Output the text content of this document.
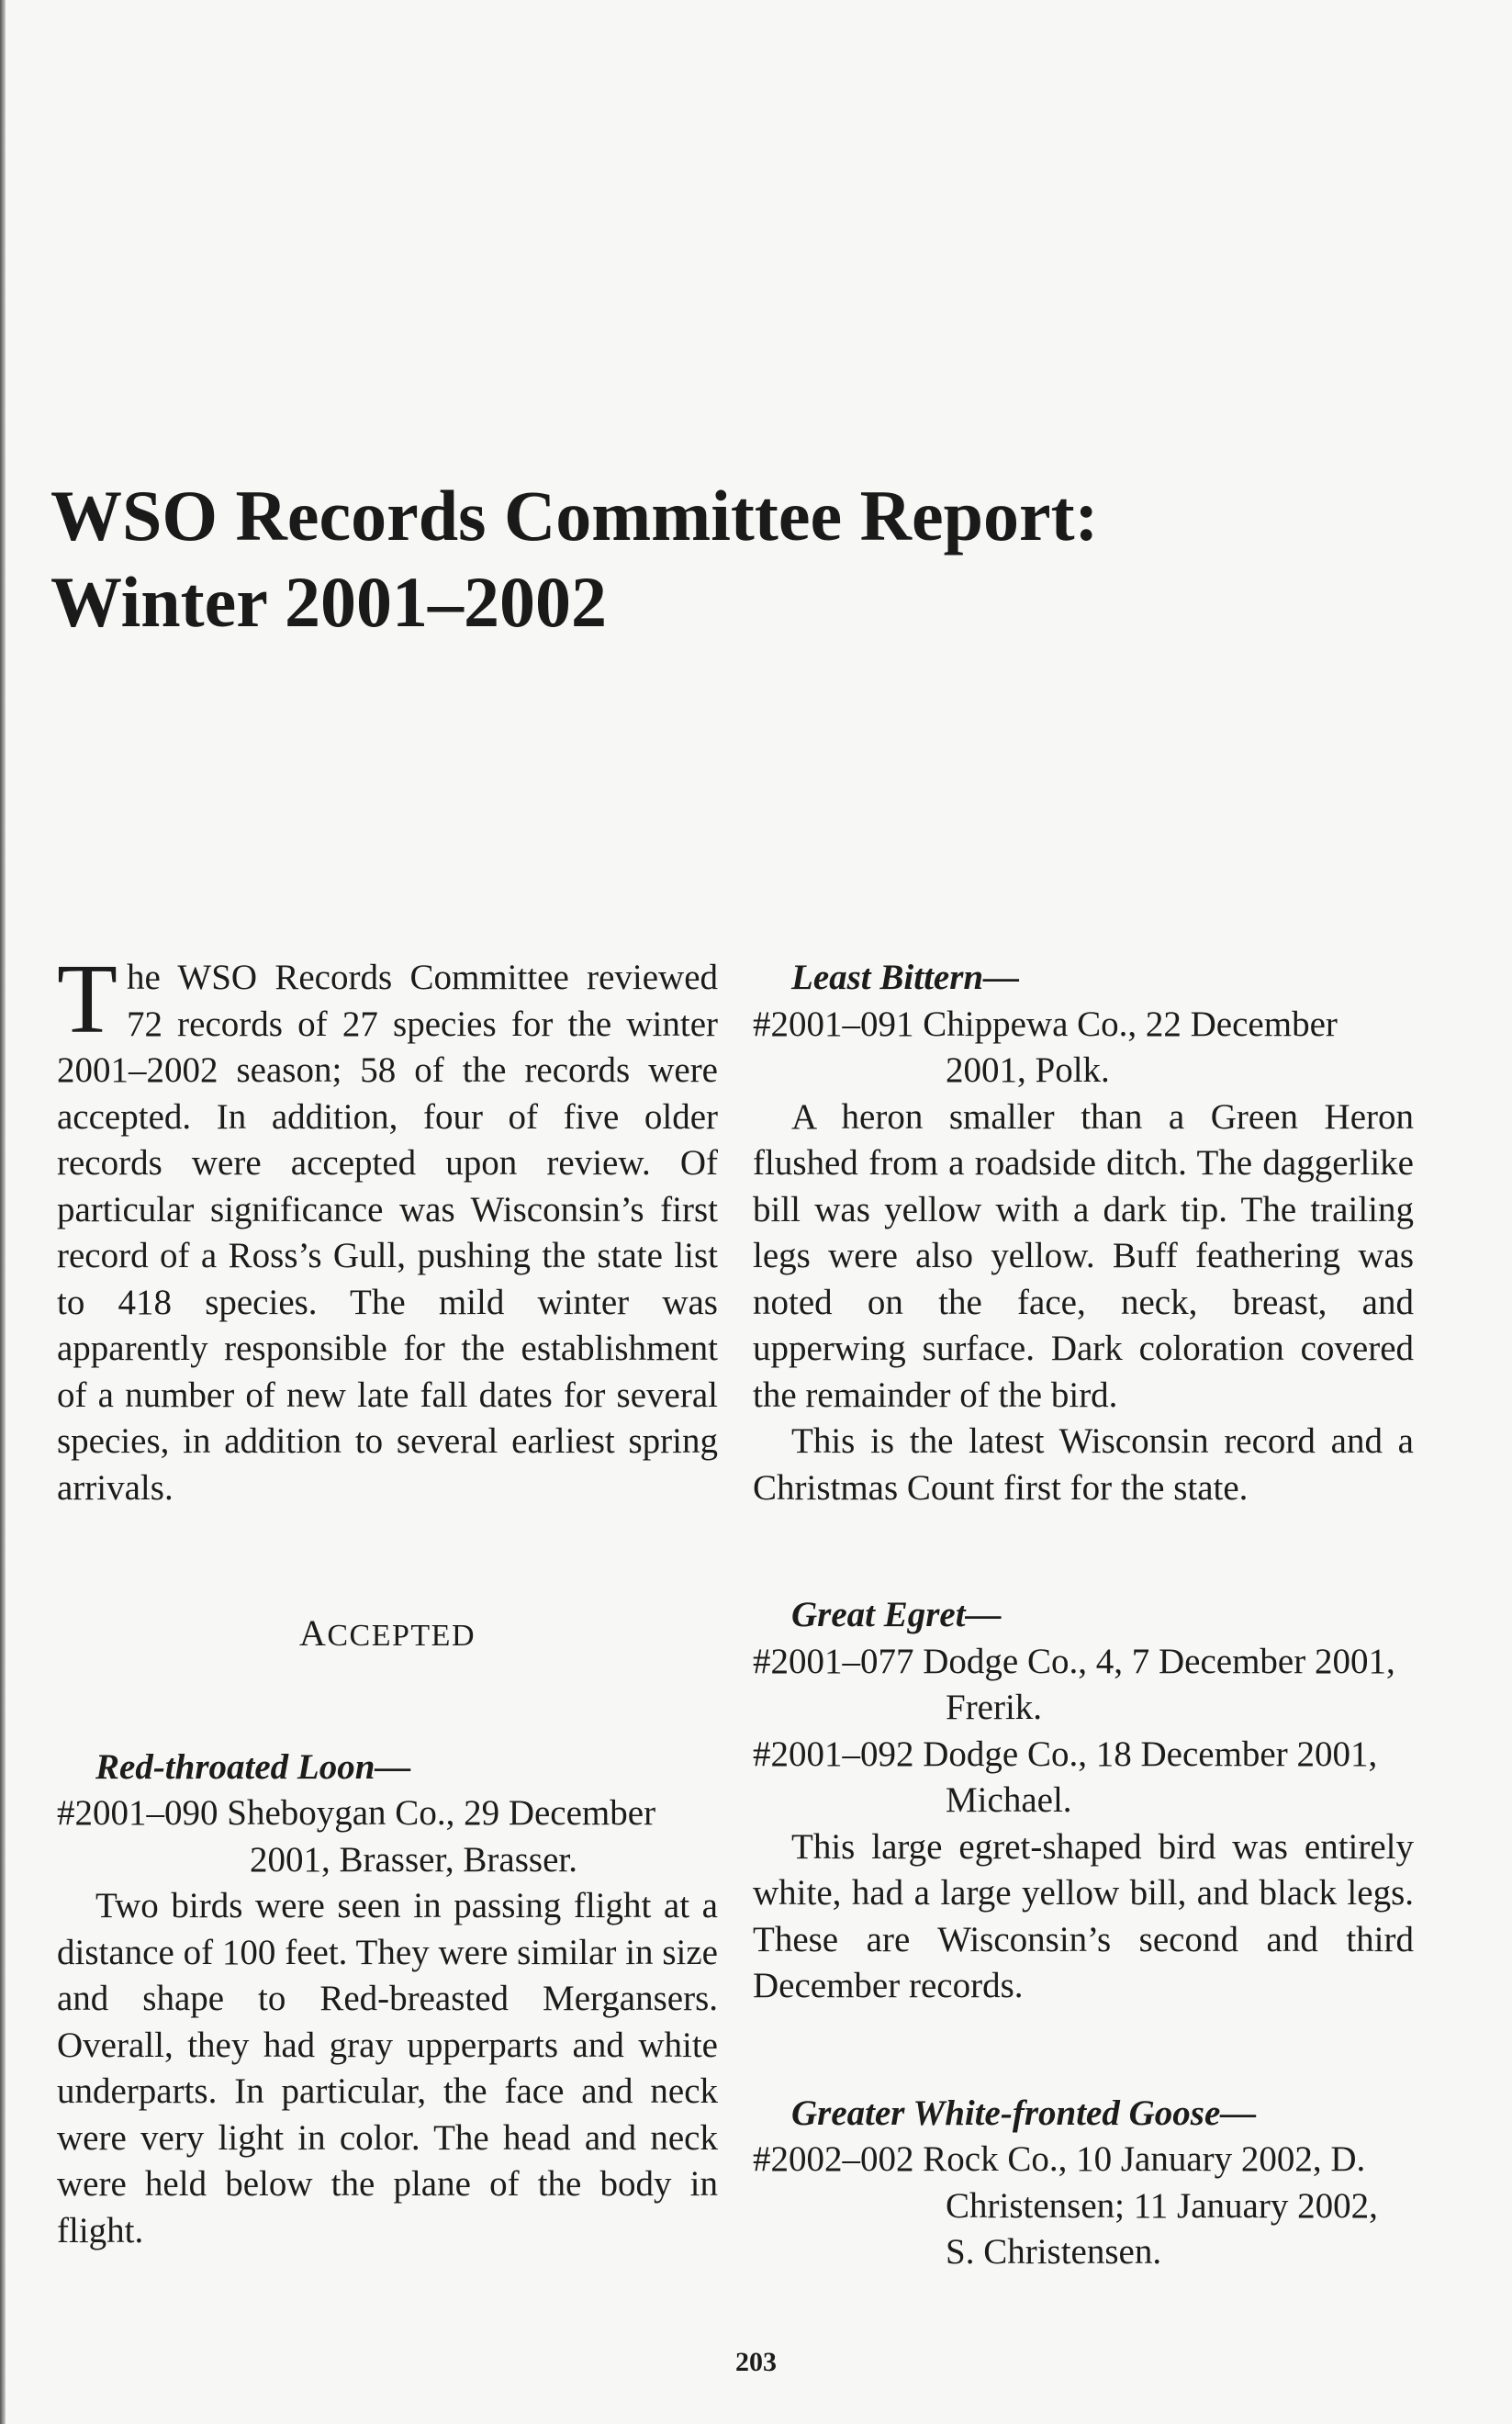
WSO Records Committee Report:
Winter 2001–2002

The WSO Records Committee reviewed 72 records of 27 species for the winter 2001–2002 season; 58 of the records were accepted. In addition, four of five older records were accepted upon review. Of particular significance was Wisconsin’s first record of a Ross’s Gull, pushing the state list to 418 species. The mild winter was apparently responsible for the establishment of a number of new late fall dates for several species, in addition to several earliest spring arrivals.

ACCEPTED

Red-throated Loon—

#2001–090 Sheboygan Co., 29 December 2001, Brasser, Brasser.

Two birds were seen in passing flight at a distance of 100 feet. They were similar in size and shape to Red-breasted Mergansers. Overall, they had gray upperparts and white underparts. In particular, the face and neck were very light in color. The head and neck were held below the plane of the body in flight.

Least Bittern—

#2001–091 Chippewa Co., 22 December 2001, Polk.

A heron smaller than a Green Heron flushed from a roadside ditch. The daggerlike bill was yellow with a dark tip. The trailing legs were also yellow. Buff feathering was noted on the face, neck, breast, and upperwing surface. Dark coloration covered the remainder of the bird.

This is the latest Wisconsin record and a Christmas Count first for the state.

Great Egret—

#2001–077 Dodge Co., 4, 7 December 2001, Frerik.

#2001–092 Dodge Co., 18 December 2001, Michael.

This large egret-shaped bird was entirely white, had a large yellow bill, and black legs. These are Wisconsin’s second and third December records.

Greater White-fronted Goose—

#2002–002 Rock Co., 10 January 2002, D. Christensen; 11 January 2002, S. Christensen.

203
